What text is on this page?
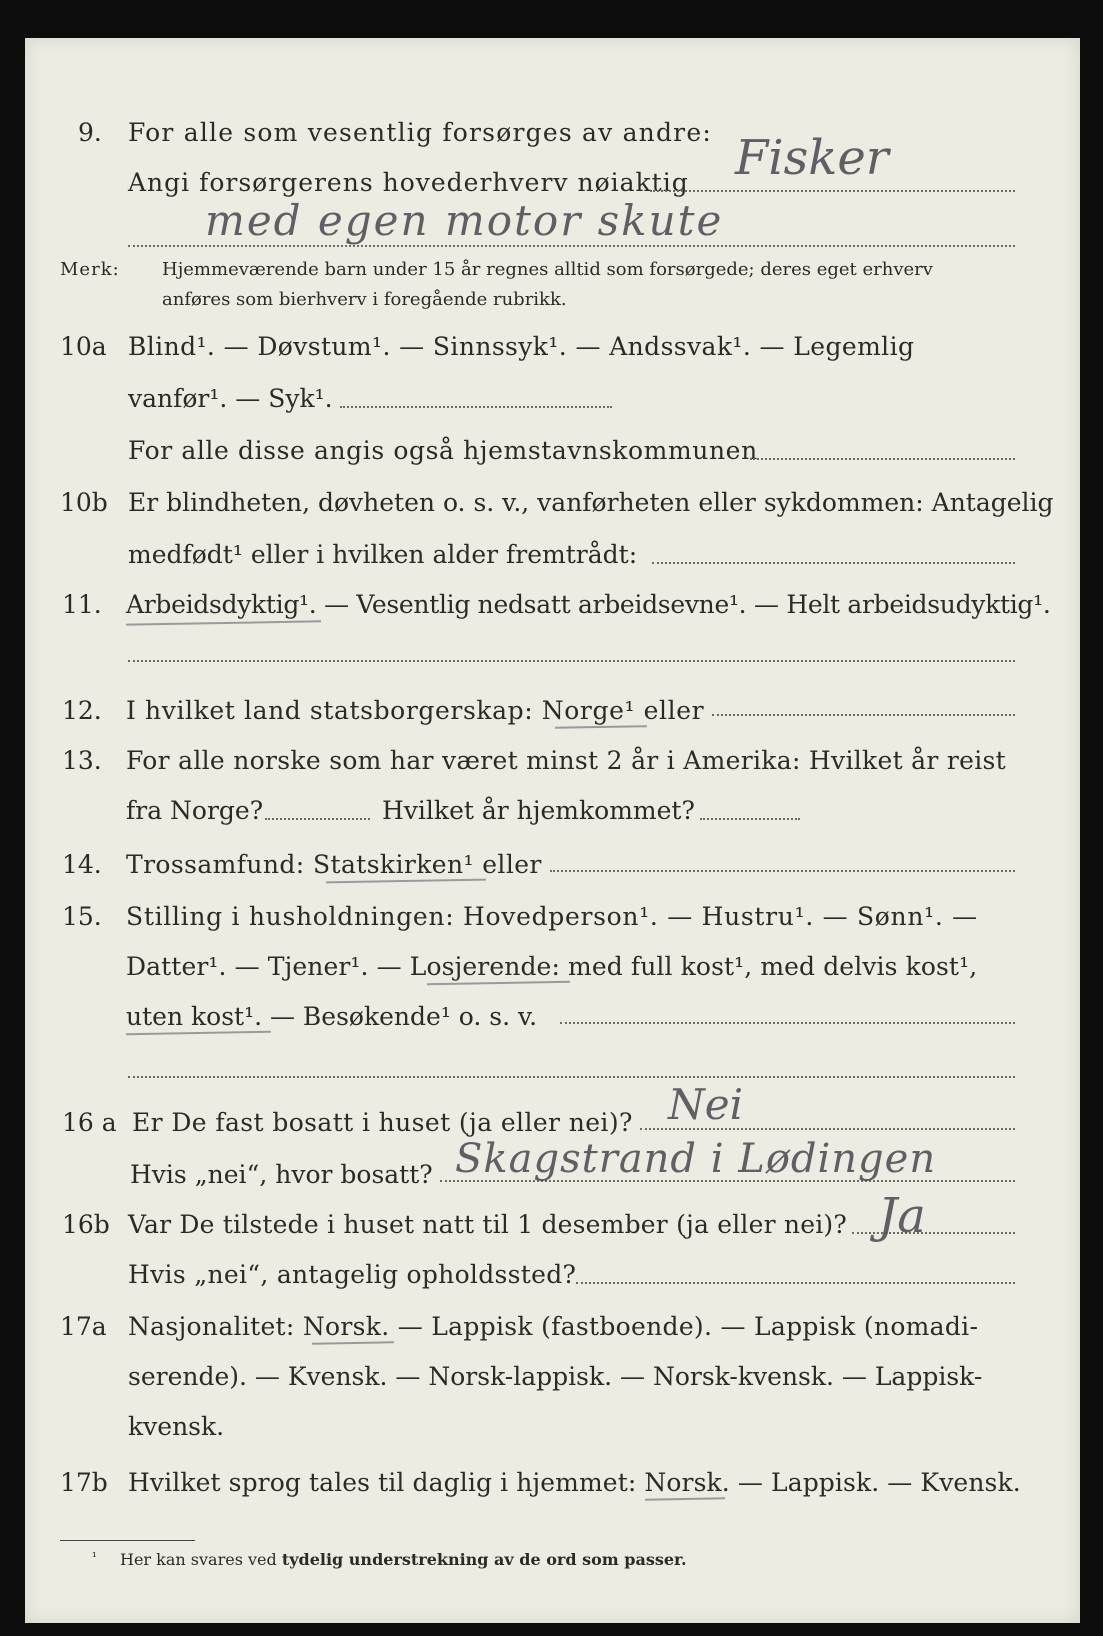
9. For alle som vesentlig forsørges av andre:
Angi forsørgerens hovederhverv nøiaktig Fisker
med egen motor skute
Merk: Hjemmeværende barn under 15 år regnes alltid som forsørgede; deres eget erhverv
anføres som bierhverv i foregående rubrikk.
10a Blind¹. — Døvstum¹. — Sinnssyk¹. — Andssvak¹. — Legemlig
vanfør¹. — Syk¹.
For alle disse angis også hjemstavnskommunen
10b Er blindheten, døvheten o. s. v., vanførheten eller sykdommen: Antagelig
medfødt¹ eller i hvilken alder fremtrådt:
11. Arbeidsdyktig¹. — Vesentlig nedsatt arbeidsevne¹. — Helt arbeidsudyktig¹.
12. I hvilket land statsborgerskap: Norge¹ eller
13. For alle norske som har været minst 2 år i Amerika: Hvilket år reist
fra Norge?	Hvilket år hjemkommet?
14. Trossamfund: Statskirken¹ eller
15. Stilling i husholdningen: Hovedperson¹. — Hustru¹. — Sønn¹. —
Datter¹. — Tjener¹. — Losjerende: med full kost¹, med delvis kost¹,
uten kost¹. — Besøkende¹ o. s. v.
16 a Er De fast bosatt i huset (ja eller nei)? Nei
Hvis „nei“, hvor bosatt? Skagstrand i Lødingen
16b Var De tilstede i huset natt til 1 desember (ja eller nei)? Ja
Hvis „nei“, antagelig opholdssted?
17a Nasjonalitet: Norsk. — Lappisk (fastboende). — Lappisk (nomadi-
serende). — Kvensk. — Norsk-lappisk. — Norsk-kvensk. — Lappisk-
kvensk.
17b Hvilket sprog tales til daglig i hjemmet: Norsk. — Lappisk. — Kvensk.
¹ Her kan svares ved tydelig understrekning av de ord som passer.
